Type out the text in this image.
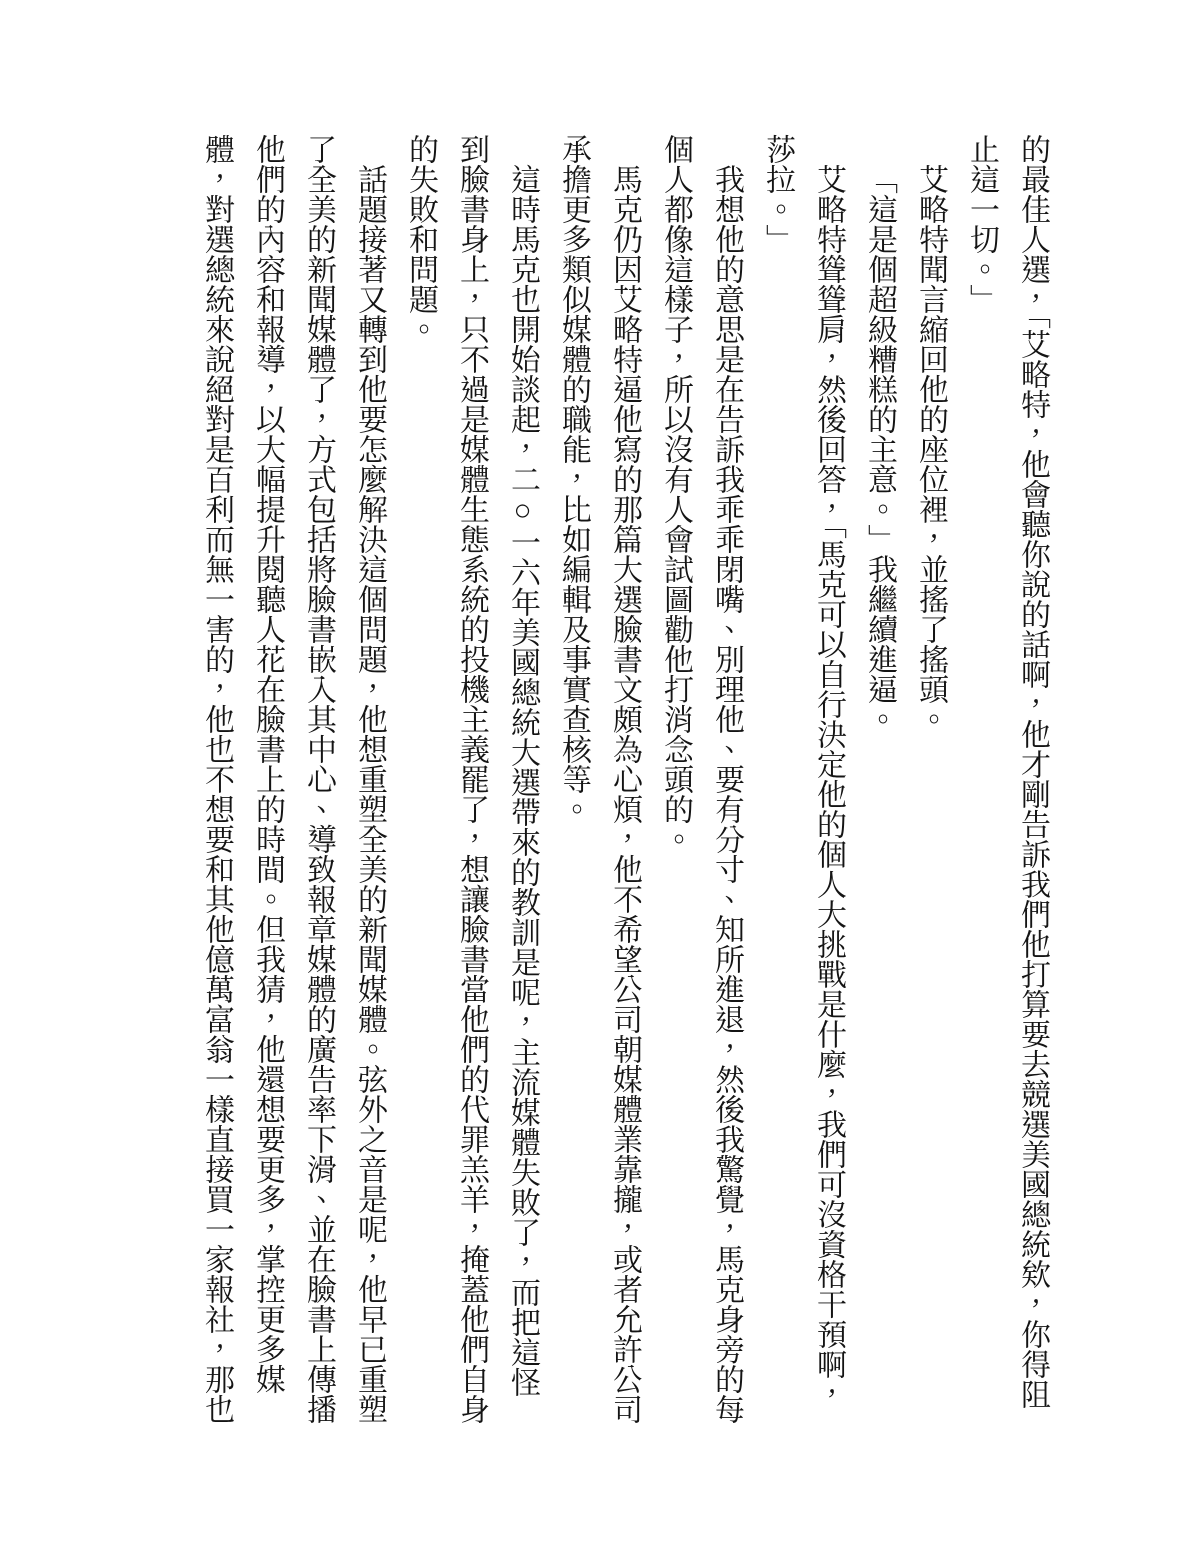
的最佳人選，「艾略特，他會聽你說的話啊，他才剛告訴我們他打算要去競選美國總統欸，你得阻止這一切。」

艾略特聞言縮回他的座位裡，並搖了搖頭。

「這是個超級糟糕的主意。」我繼續進逼。

艾略特聳聳肩，然後回答，「馬克可以自行決定他的個人大挑戰是什麼，我們可沒資格干預啊，莎拉。」

我想他的意思是在告訴我乖乖閉嘴、別理他、要有分寸、知所進退，然後我驚覺，馬克身旁的每個人都像這樣子，所以沒有人會試圖勸他打消念頭的。

馬克仍因艾略特逼他寫的那篇大選臉書文頗為心煩，他不希望公司朝媒體業靠攏，或者允許公司承擔更多類似媒體的職能，比如編輯及事實查核等。

這時馬克也開始談起，二○一六年美國總統大選帶來的教訓是呢，主流媒體失敗了，而把這怪到臉書身上，只不過是媒體生態系統的投機主義罷了，想讓臉書當他們的代罪羔羊，掩蓋他們自身的失敗和問題。

話題接著又轉到他要怎麼解決這個問題，他想重塑全美的新聞媒體。弦外之音是呢，他早已重塑了全美的新聞媒體了，方式包括將臉書嵌入其中心、導致報章媒體的廣告率下滑、並在臉書上傳播他們的內容和報導，以大幅提升閱聽人花在臉書上的時間。但我猜，他還想要更多，掌控更多媒體，對選總統來說絕對是百利而無一害的，他也不想要和其他億萬富翁一樣直接買一家報社，那也
